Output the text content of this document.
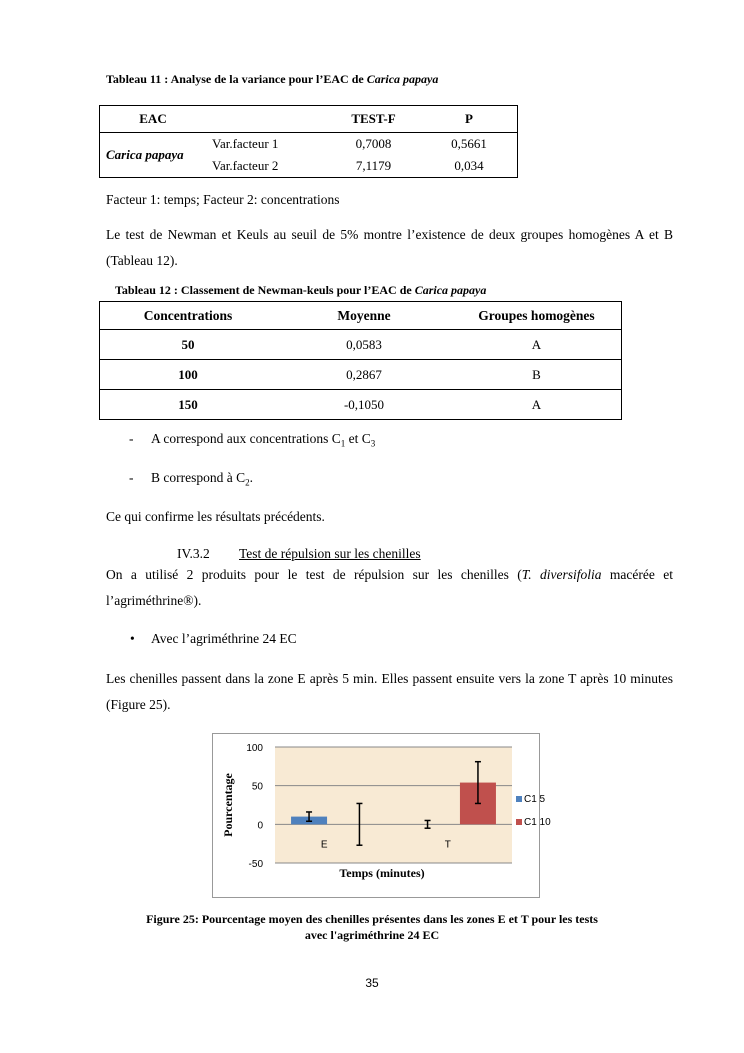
Tableau 11 : Analyse de la variance pour l’EAC de Carica papaya
EAC		TEST-F	P
Carica papaya	Var.facteur 1	0,7008	0,5661
	Var.facteur 2	7,1179	0,034
Facteur 1: temps; Facteur 2: concentrations

Le test de Newman et Keuls au seuil de 5% montre l’existence de deux groupes homogènes A et B (Tableau 12).

Tableau 12 : Classement de Newman-keuls pour l’EAC de Carica papaya
Concentrations	Moyenne	Groupes homogènes
50	0,0583	A
100	0,2867	B
150	-0,1050	A
- A correspond aux concentrations $C_1$ et $C_3$
- B correspond à $C_2$.

Ce qui confirme les résultats précédents.

IV.3.2 Test de répulsion sur les chenilles

On a utilisé 2 produits pour le test de répulsion sur les chenilles (T. diversifolia macérée et l’agriméthrine®).

• Avec l’agriméthrine 24 EC

Les chenilles passent dans la zone E après 5 min. Elles passent ensuite vers la zone T après 10 minutes (Figure 25).

100
50
0
-50
E	T
Temps (minutes)
Pourcentage	C1 5
C1 10
Figure 25: Pourcentage moyen des chenilles présentes dans les zones E et T pour les tests
avec l'agriméthrine 24 EC
35
